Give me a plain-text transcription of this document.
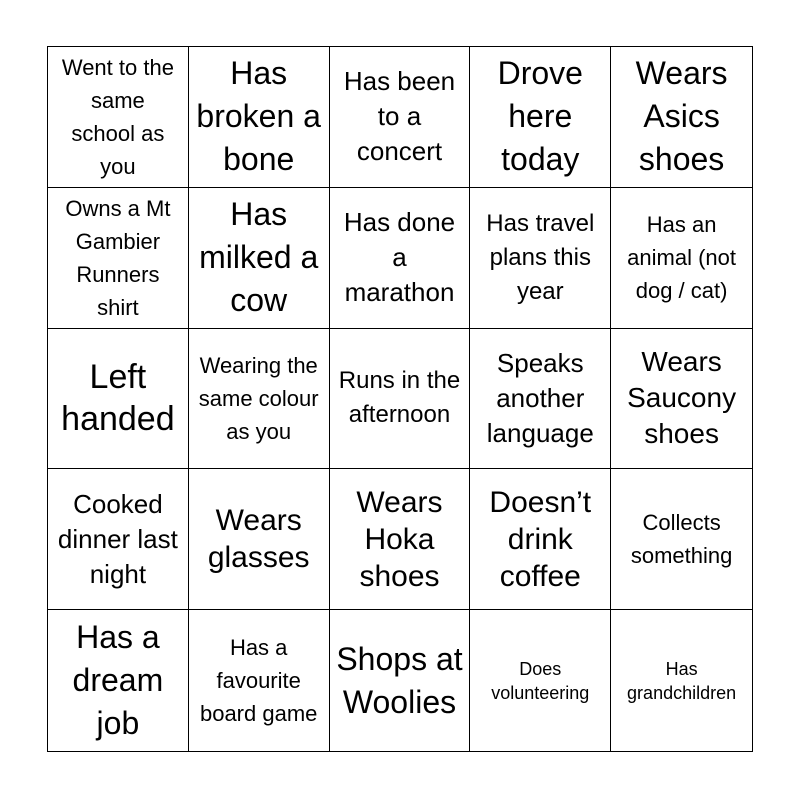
Went to the same school as you
Has broken a bone
Has been to a concert
Drove here today
Wears Asics shoes
Owns a Mt Gambier Runners shirt
Has milked a cow
Has done a marathon
Has travel plans this year
Has an animal (not dog / cat)
Left handed
Wearing the same colour as you
Runs in the afternoon
Speaks another language
Wears Saucony shoes
Cooked dinner last night
Wears glasses
Wears Hoka shoes
Doesn’t drink coffee
Collects something
Has a dream job
Has a favourite board game
Shops at Woolies
Does volunteering
Has grandchildren
